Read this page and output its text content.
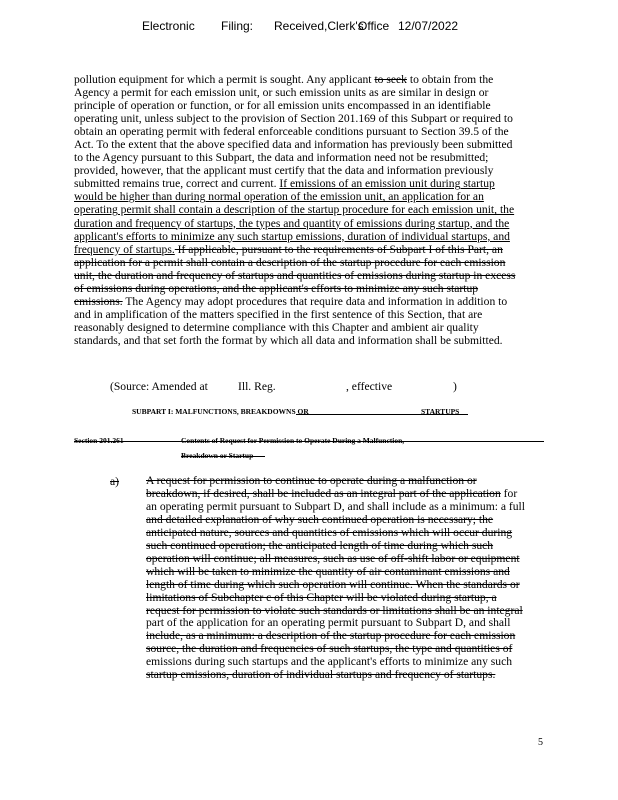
Electronic Filing: Received,Clerk's
Office 12/07/2022
pollution equipment for which a permit is sought. Any applicant to seek to obtain from the
Agency a permit for each emission unit, or such emission units as are similar in design or
principle of operation or function, or for all emission units encompassed in an identifiable
operating unit, unless subject to the provision of Section 201.169 of this Subpart or required to
obtain an operating permit with federal enforceable conditions pursuant to Section 39.5 of the
Act. To the extent that the above specified data and information has previously been submitted
to the Agency pursuant to this Subpart, the data and information need not be resubmitted;
provided, however, that the applicant must certify that the data and information previously
submitted remains true, correct and current. If emissions of an emission unit during startup
would be higher than during normal operation of the emission unit, an application for an
operating permit shall contain a description of the startup procedure for each emission unit, the
duration and frequency of startups, the types and quantity of emissions during startup, and the
applicant's efforts to minimize any such startup emissions, duration of individual startups, and
frequency of startups. If applicable, pursuant to the requirements of Subpart I of this Part, an
application for a permit shall contain a description of the startup procedure for each emission
unit, the duration and frequency of startups and quantities of emissions during startup in excess
of emissions during operations, and the applicant's efforts to minimize any such startup
emissions. The Agency may adopt procedures that require data and information in addition to
and in amplification of the matters specified in the first sentence of this Section, that are
reasonably designed to determine compliance with this Chapter and ambient air quality
standards, and that set forth the format by which all data and information shall be submitted.
(Source: Amended at	Ill. Reg.	, effective	)
SUBPART I: MALFUNCTIONS, BREAKDOWNS OR	STARTUPS
Section 201.261	Contents of Request for Permission to Operate During a Malfunction,
Breakdown or Startup
a) A request for permission to continue to operate during a malfunction or
breakdown, if desired, shall be included as an integral part of the application for
an operating permit pursuant to Subpart D, and shall include as a minimum: a full
and detailed explanation of why such continued operation is necessary; the
anticipated nature, sources and quantities of emissions which will occur during
such continued operation; the anticipated length of time during which such
operation will continue; all measures, such as use of off-shift labor or equipment
which will be taken to minimize the quantity of air contaminant emissions and
length of time during which such operation will continue. When the standards or
limitations of Subchapter c of this Chapter will be violated during startup, a
request for permission to violate such standards or limitations shall be an integral
part of the application for an operating permit pursuant to Subpart D, and shall
include, as a minimum: a description of the startup procedure for each emission
source, the duration and frequencies of such startups, the type and quantities of
emissions during such startups and the applicant's efforts to minimize any such
startup emissions, duration of individual startups and frequency of startups.
5
